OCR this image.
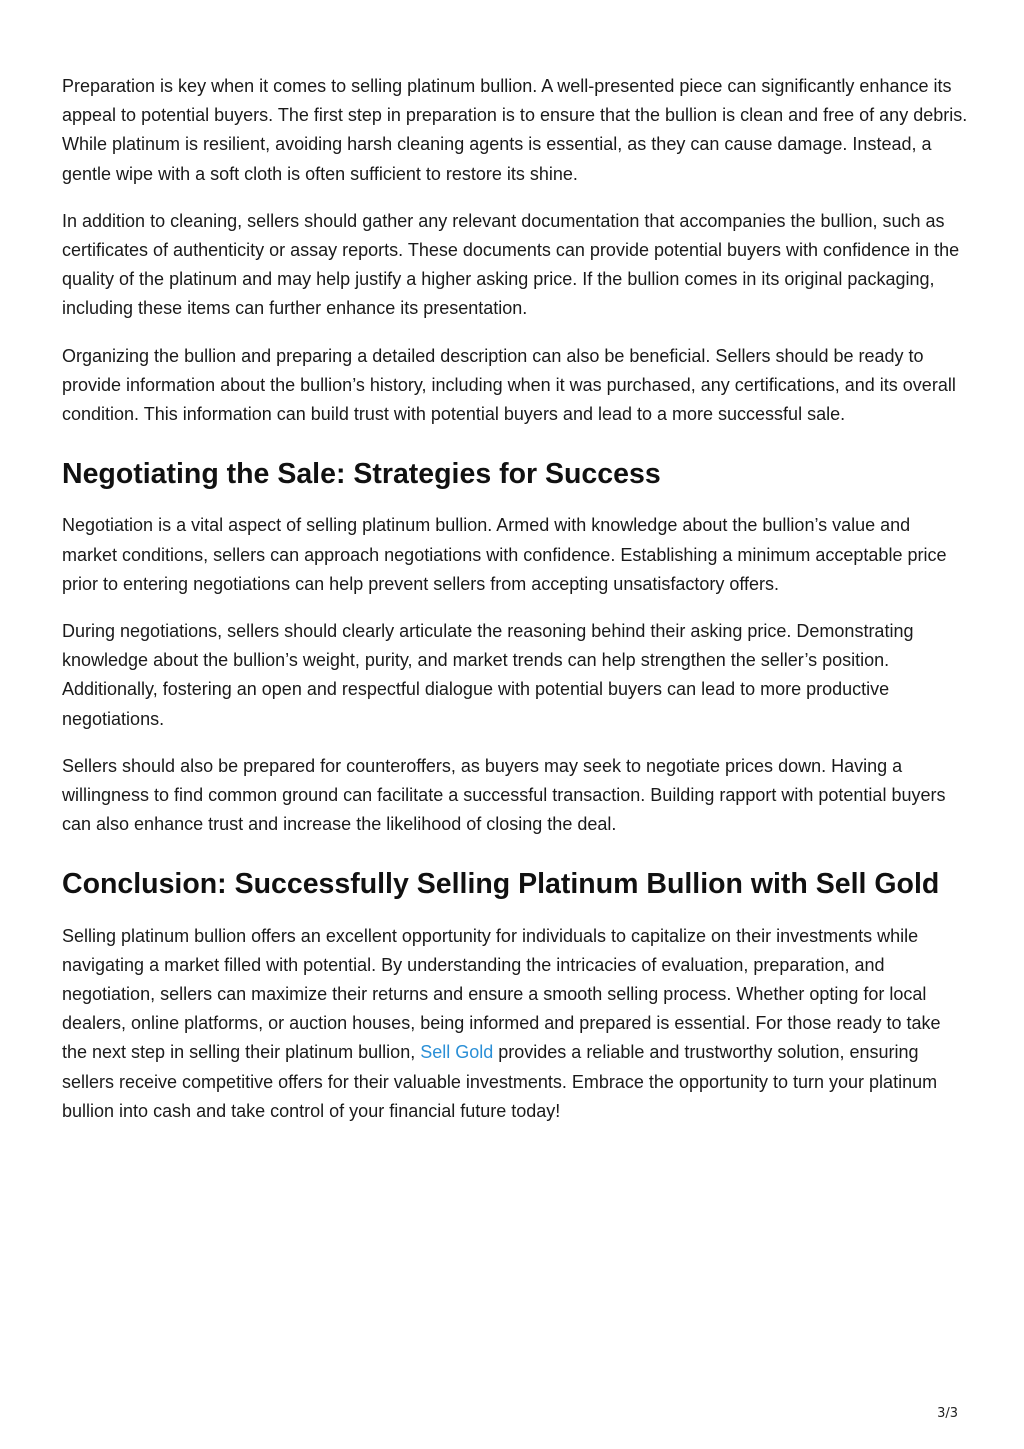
Preparation is key when it comes to selling platinum bullion. A well-presented piece can significantly enhance its appeal to potential buyers. The first step in preparation is to ensure that the bullion is clean and free of any debris. While platinum is resilient, avoiding harsh cleaning agents is essential, as they can cause damage. Instead, a gentle wipe with a soft cloth is often sufficient to restore its shine.

In addition to cleaning, sellers should gather any relevant documentation that accompanies the bullion, such as certificates of authenticity or assay reports. These documents can provide potential buyers with confidence in the quality of the platinum and may help justify a higher asking price. If the bullion comes in its original packaging, including these items can further enhance its presentation.

Organizing the bullion and preparing a detailed description can also be beneficial. Sellers should be ready to provide information about the bullion’s history, including when it was purchased, any certifications, and its overall condition. This information can build trust with potential buyers and lead to a more successful sale.

Negotiating the Sale: Strategies for Success

Negotiation is a vital aspect of selling platinum bullion. Armed with knowledge about the bullion’s value and market conditions, sellers can approach negotiations with confidence. Establishing a minimum acceptable price prior to entering negotiations can help prevent sellers from accepting unsatisfactory offers.

During negotiations, sellers should clearly articulate the reasoning behind their asking price. Demonstrating knowledge about the bullion’s weight, purity, and market trends can help strengthen the seller’s position. Additionally, fostering an open and respectful dialogue with potential buyers can lead to more productive negotiations.

Sellers should also be prepared for counteroffers, as buyers may seek to negotiate prices down. Having a willingness to find common ground can facilitate a successful transaction. Building rapport with potential buyers can also enhance trust and increase the likelihood of closing the deal.

Conclusion: Successfully Selling Platinum Bullion with Sell Gold

Selling platinum bullion offers an excellent opportunity for individuals to capitalize on their investments while navigating a market filled with potential. By understanding the intricacies of evaluation, preparation, and negotiation, sellers can maximize their returns and ensure a smooth selling process. Whether opting for local dealers, online platforms, or auction houses, being informed and prepared is essential. For those ready to take the next step in selling their platinum bullion, Sell Gold provides a reliable and trustworthy solution, ensuring sellers receive competitive offers for their valuable investments. Embrace the opportunity to turn your platinum bullion into cash and take control of your financial future today!

3/3
